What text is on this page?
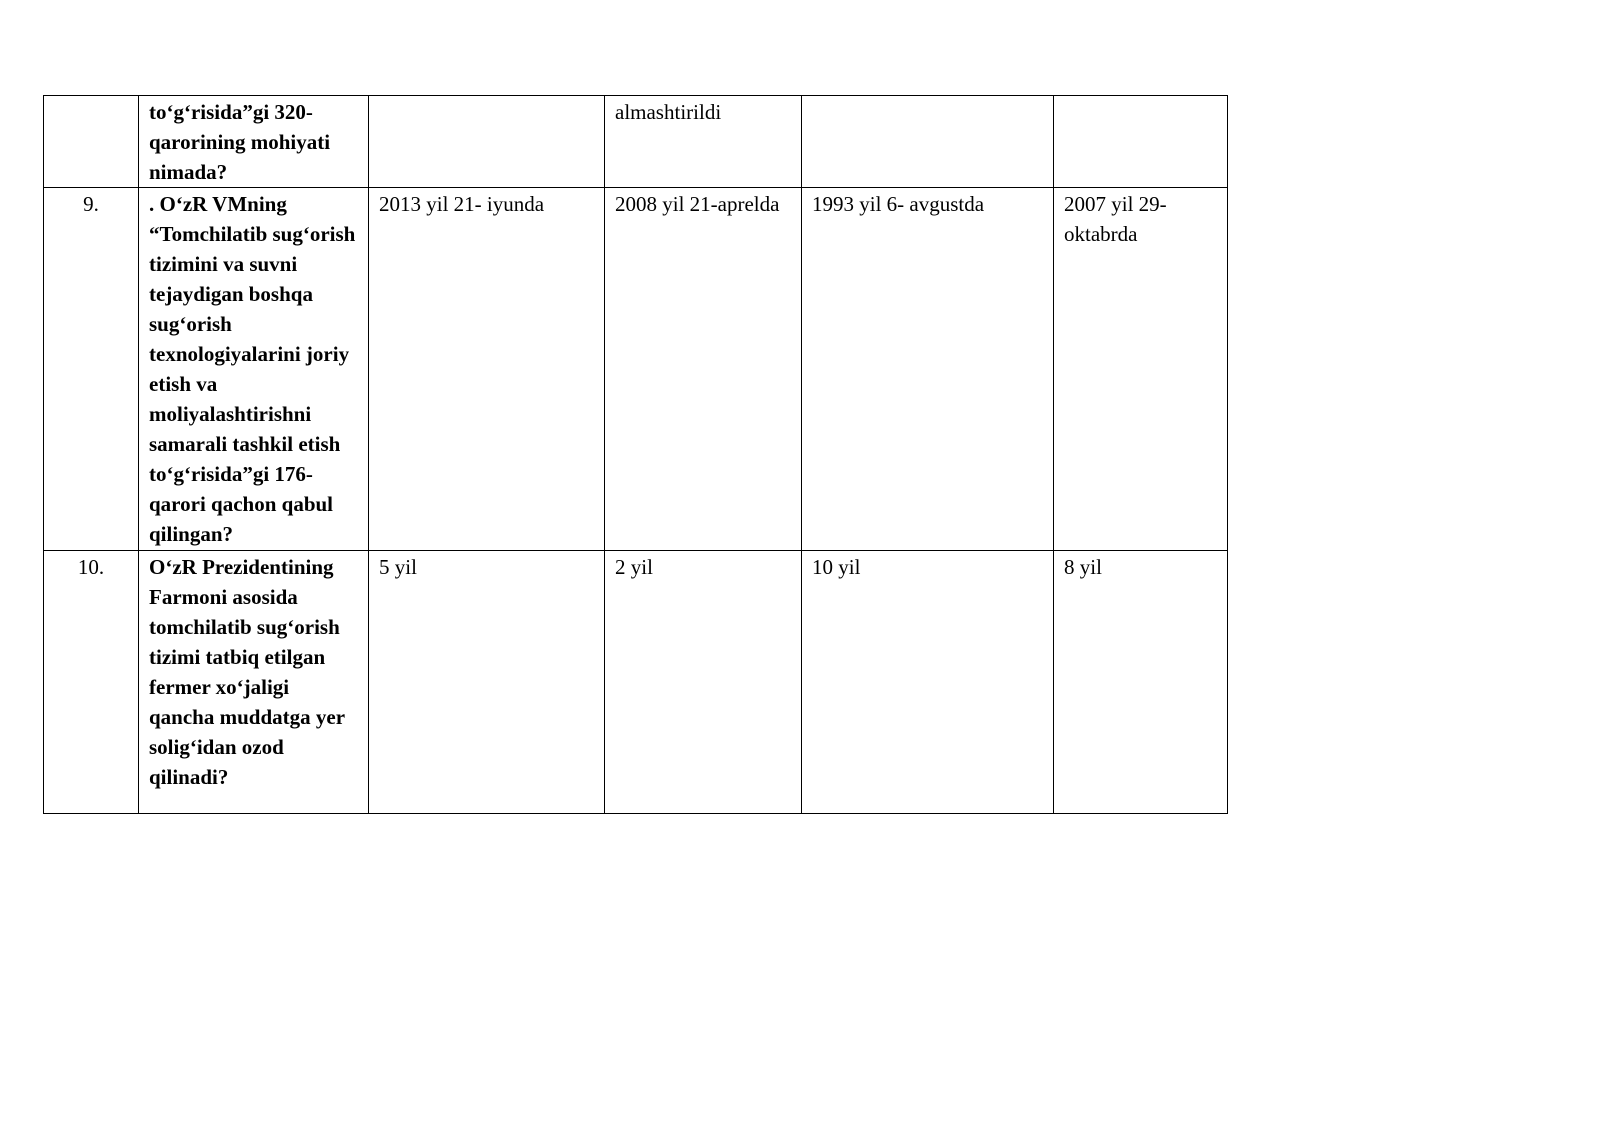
	to‘g‘risida”gi 320-qarorining mohiyati nimada?		almashtirildi		
9.	. O‘zR VMning “Tomchilatib sug‘orish tizimini va suvni tejaydigan boshqa sug‘orish texnologiyalarini joriy etish va moliyalashtirishni samarali tashkil etish to‘g‘risida”gi 176-qarori qachon qabul qilingan?	2013 yil 21- iyunda	2008 yil 21-aprelda	1993 yil 6- avgustda	2007 yil 29-oktabrda
10.	O‘zR Prezidentining Farmoni asosida tomchilatib sug‘orish tizimi tatbiq etilgan fermer xo‘jaligi qancha muddatga yer solig‘idan ozod qilinadi?	5 yil	2 yil	10 yil	8 yil
